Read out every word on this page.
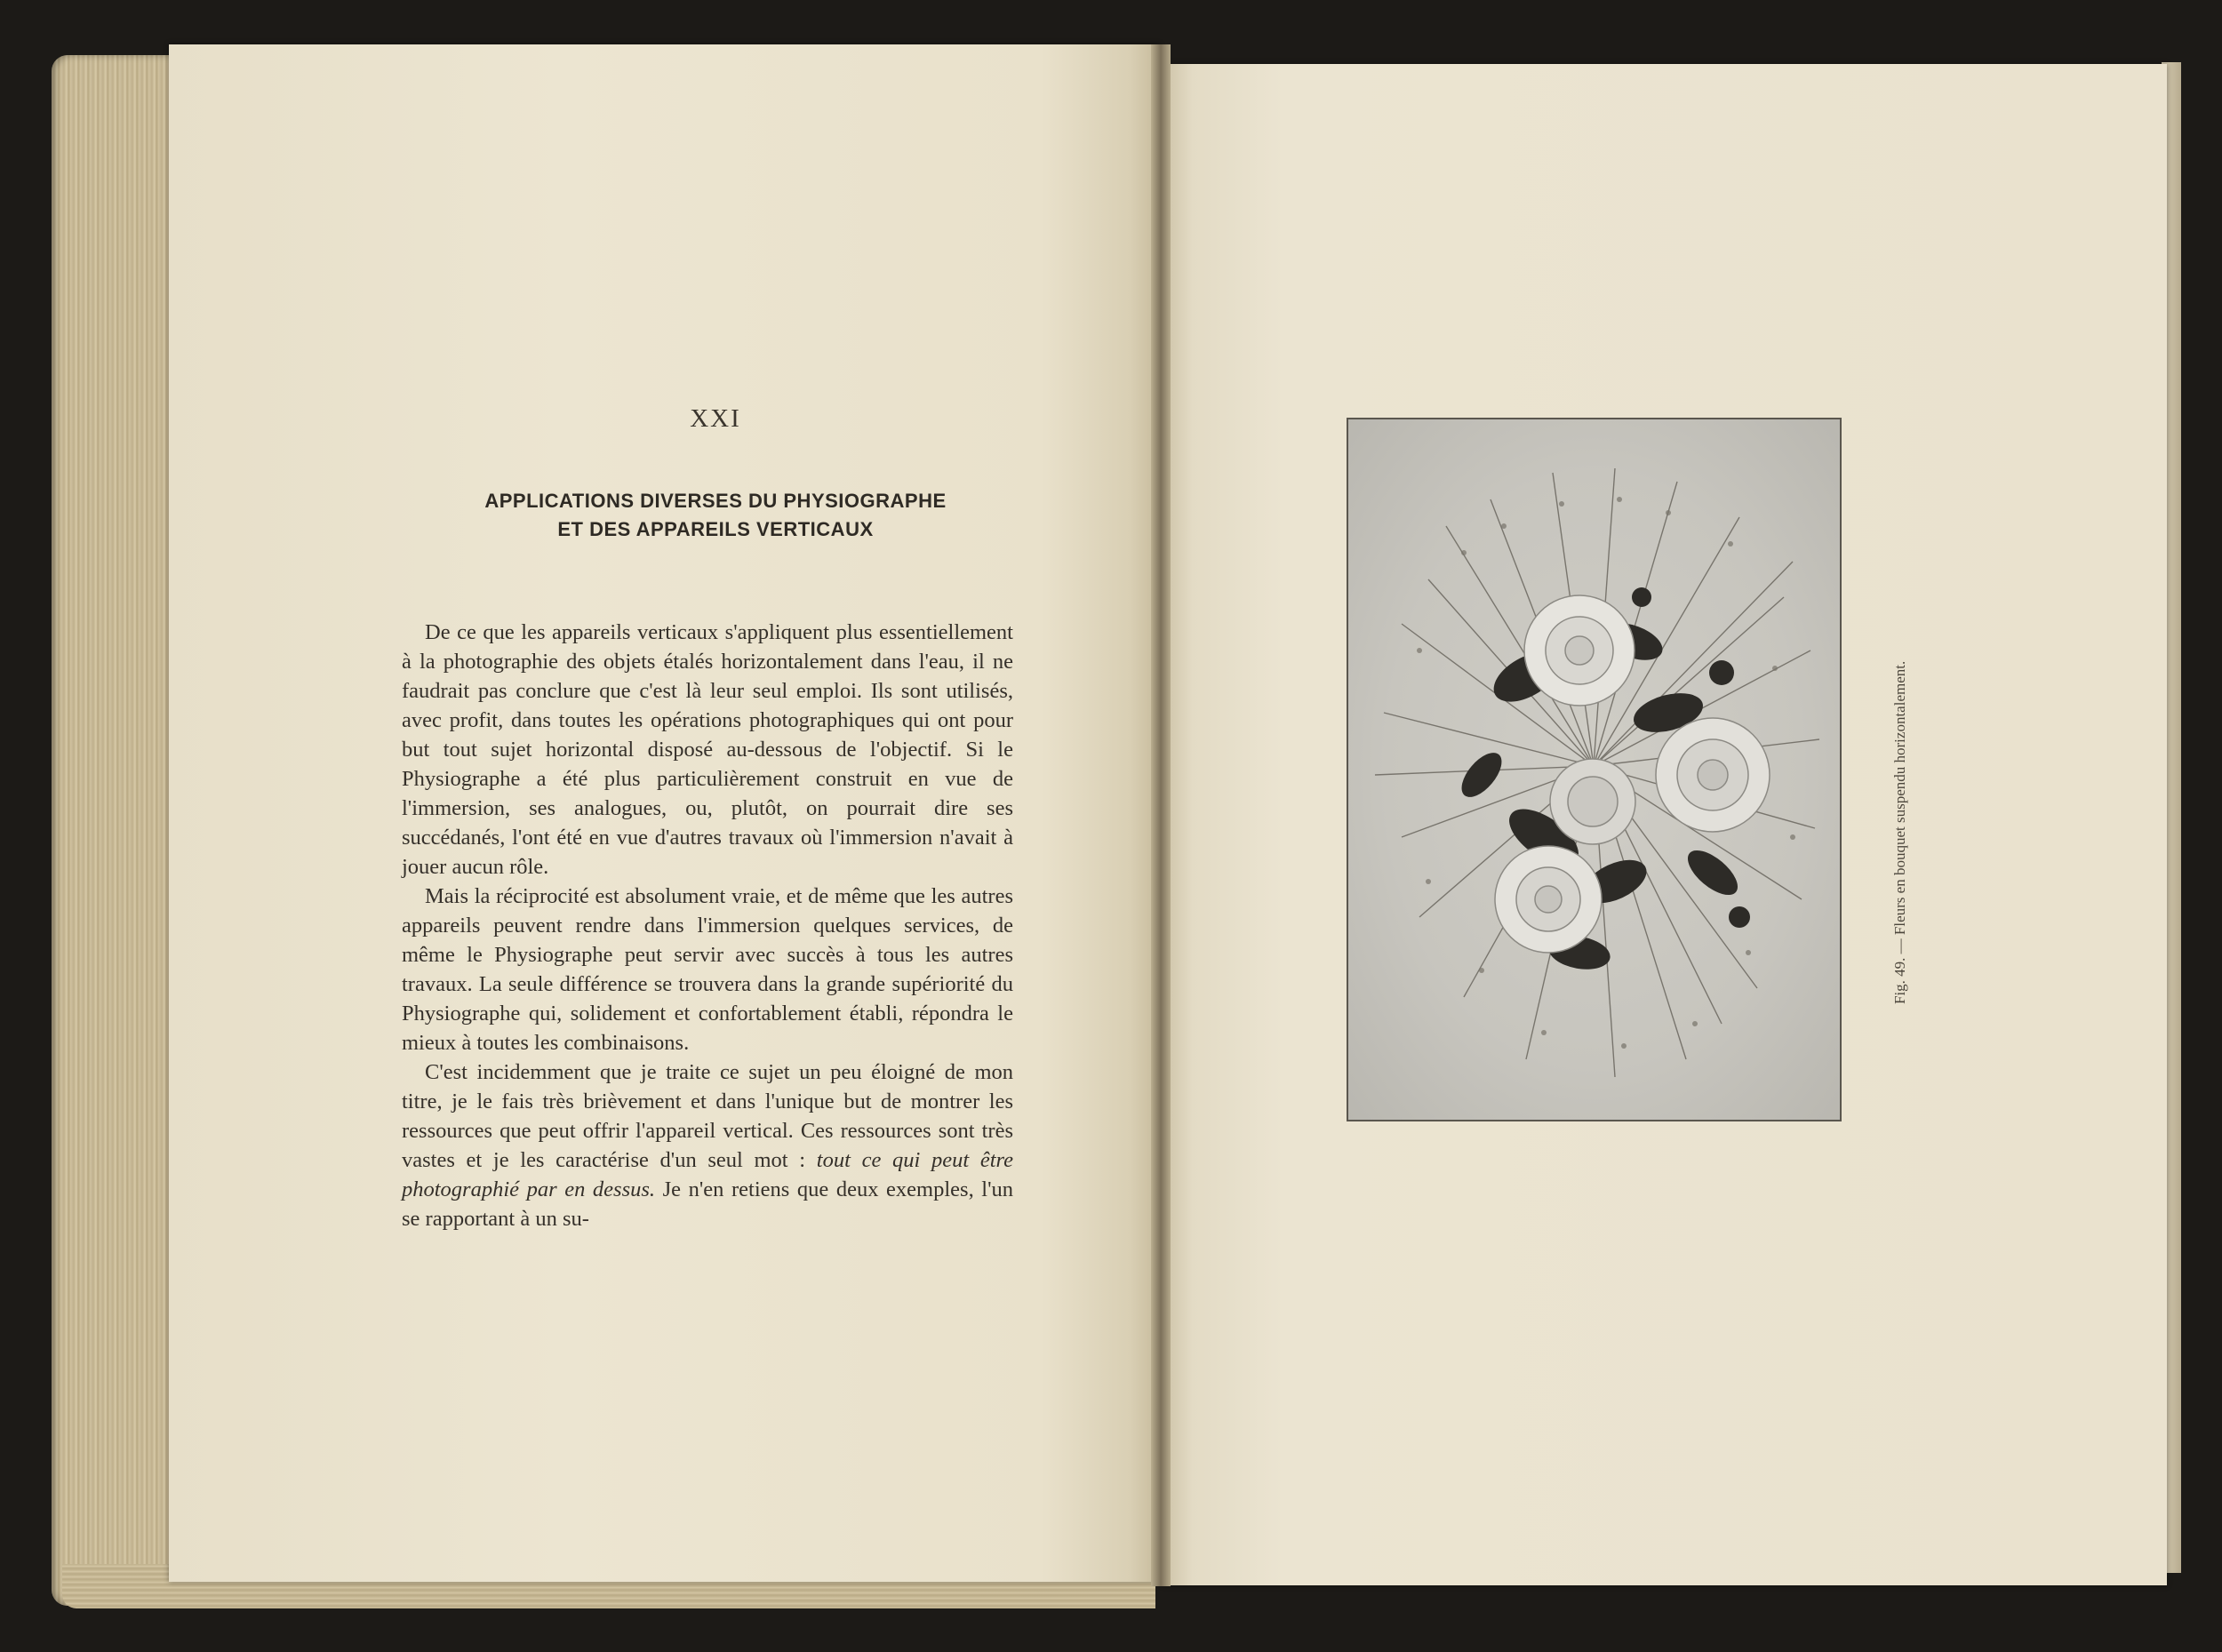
XXI
APPLICATIONS DIVERSES DU PHYSIOGRAPHE
ET DES APPAREILS VERTICAUX

De ce que les appareils verticaux s'appliquent plus essentiellement à la photographie des objets étalés horizontalement dans l'eau, il ne faudrait pas conclure que c'est là leur seul emploi. Ils sont utilisés, avec profit, dans toutes les opérations photographiques qui ont pour but tout sujet horizontal disposé au-dessous de l'objectif. Si le Physiographe a été plus particulièrement construit en vue de l'immersion, ses analogues, ou, plutôt, on pourrait dire ses succédanés, l'ont été en vue d'autres travaux où l'immersion n'avait à jouer aucun rôle.

Mais la réciprocité est absolument vraie, et de même que les autres appareils peuvent rendre dans l'immersion quelques services, de même le Physiographe peut servir avec succès à tous les autres travaux. La seule différence se trouvera dans la grande supériorité du Physiographe qui, solidement et confortablement établi, répondra le mieux à toutes les combinaisons.

C'est incidemment que je traite ce sujet un peu éloigné de mon titre, je le fais très brièvement et dans l'unique but de montrer les ressources que peut offrir l'appareil vertical. Ces ressources sont très vastes et je les caractérise d'un seul mot : tout ce qui peut être photographié par en dessus. Je n'en retiens que deux exemples, l'un se rapportant à un su-

Fig. 49. — Fleurs en bouquet suspendu horizontalement.
